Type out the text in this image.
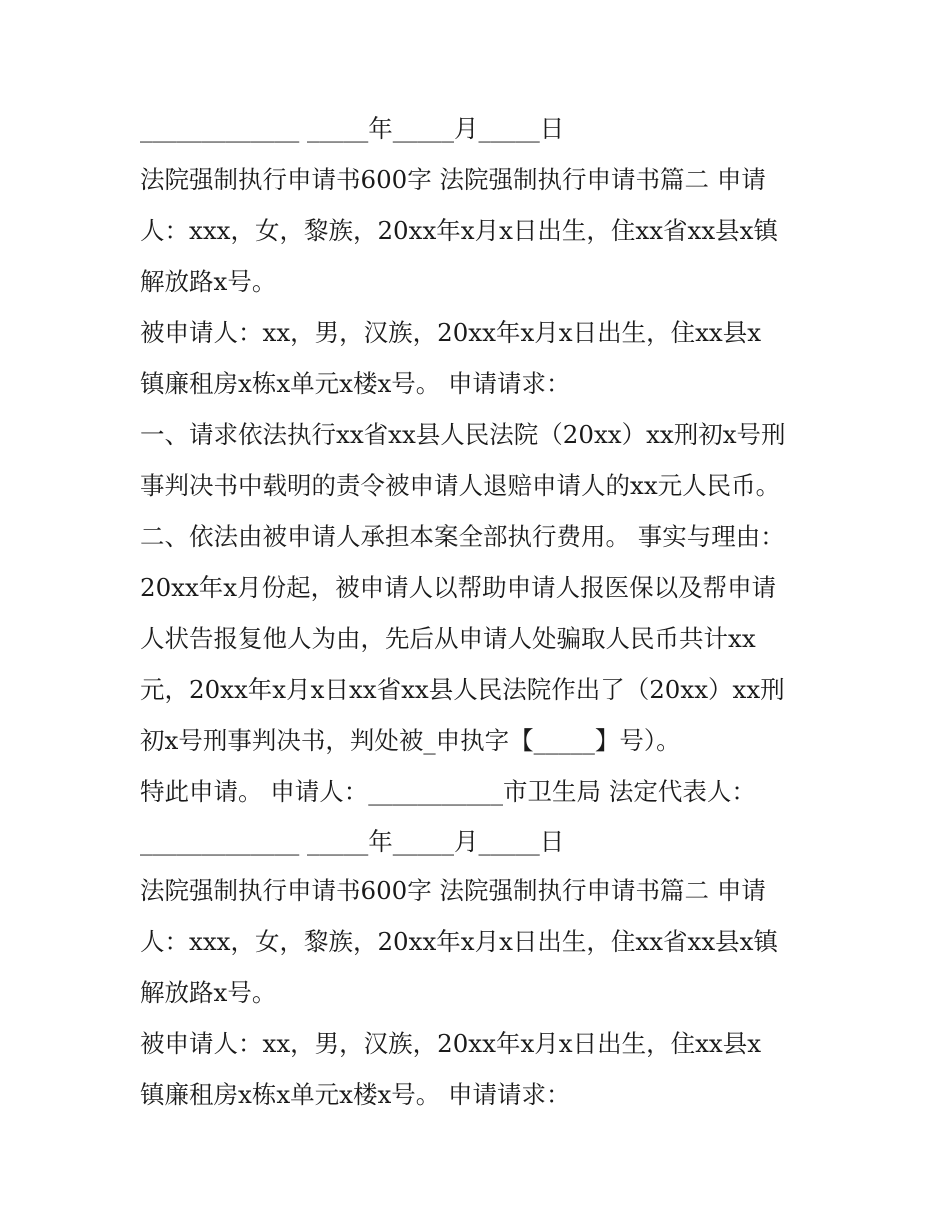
_____________ _____年_____月_____日
法院强制执行申请书600字 法院强制执行申请书篇二 申请
人：xxx，女，黎族，20xx年x月x日出生，住xx省xx县x镇
解放路x号。
被申请人：xx，男，汉族，20xx年x月x日出生，住xx县x
镇廉租房x栋x单元x楼x号。 申请请求：
一、请求依法执行xx省xx县人民法院（20xx）xx刑初x号刑
事判决书中载明的责令被申请人退赔申请人的xx元人民币。
二、依法由被申请人承担本案全部执行费用。 事实与理由：
20xx年x月份起，被申请人以帮助申请人报医保以及帮申请
人状告报复他人为由，先后从申请人处骗取人民币共计xx
元，20xx年x月x日xx省xx县人民法院作出了（20xx）xx刑
初x号刑事判决书，判处被_申执字【_____】号）。
特此申请。 申请人：___________市卫生局 法定代表人：
_____________ _____年_____月_____日
法院强制执行申请书600字 法院强制执行申请书篇二 申请
人：xxx，女，黎族，20xx年x月x日出生，住xx省xx县x镇
解放路x号。
被申请人：xx，男，汉族，20xx年x月x日出生，住xx县x
镇廉租房x栋x单元x楼x号。 申请请求：
